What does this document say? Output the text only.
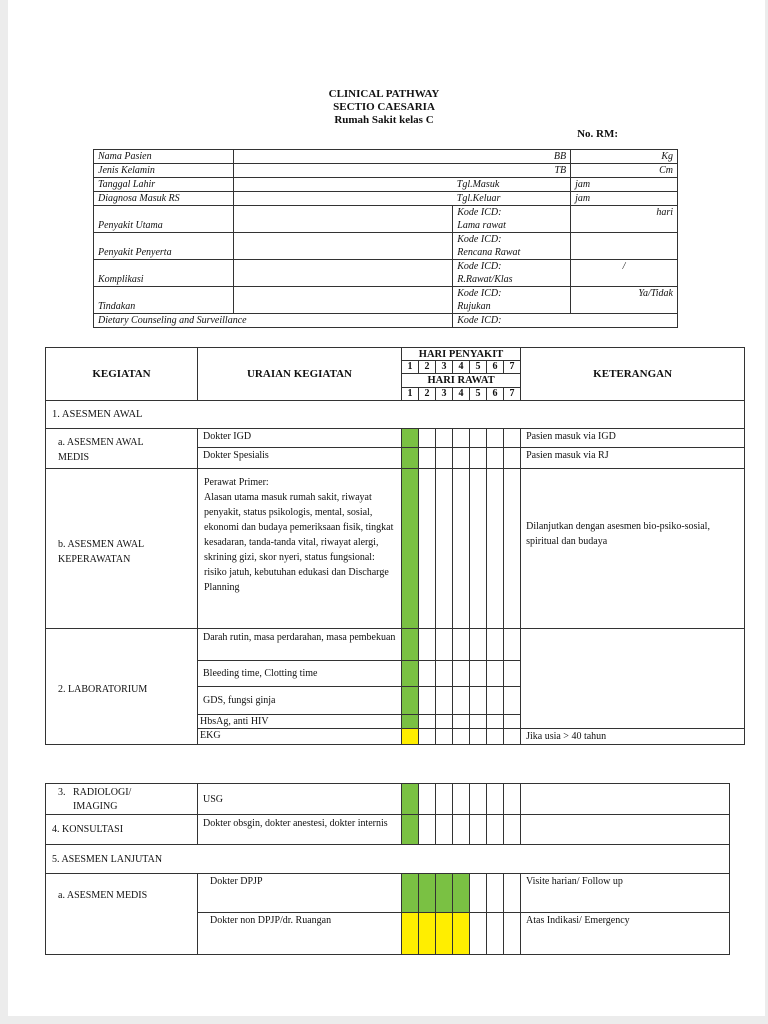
CLINICAL PATHWAY
SECTIO CAESARIA
Rumah Sakit kelas C
No. RM:
Nama Pasien	BB		Kg
Jenis Kelamin	TB		Cm
Tanggal Lahir		Tgl.Masuk	jam
Diagnosa Masuk RS		Tgl.Keluar	jam
Penyakit Utama		Kode ICD:	hari
		Lama rawat	
Penyakit Penyerta		Kode ICD:	
		Rencana Rawat	
Komplikasi		Kode ICD:	/
		R.Rawat/Klas	
Tindakan		Kode ICD:	Ya/Tidak
		Rujukan	
Dietary Counseling and Surveillance		Kode ICD:	
KEGIATAN	URAIAN KEGIATAN	HARI PENYAKIT							KETERANGAN
		1	2	3	4	5	6	7	
		HARI RAWAT							
		1	2	3	4	5	6	7	
1. ASESMEN AWAL									
a. ASESMEN AWAL
MEDIS	Dokter IGD								Pasien masuk via IGD
	Dokter Spesialis								Pasien masuk via RJ
b. ASESMEN AWAL
KEPERAWATAN	Perawat Primer:
Alasan utama masuk rumah sakit, riwayat penyakit, status psikologis, mental, sosial, ekonomi dan budaya pemeriksaan fisik, tingkat kesadaran, tanda-tanda vital, riwayat alergi, skrining gizi, skor nyeri, status fungsional: risiko jatuh, kebutuhan edukasi dan Discharge Planning								Dilanjutkan dengan asesmen bio-psiko-sosial, spiritual dan budaya
2. LABORATORIUM	Darah rutin, masa perdarahan, masa pembekuan								
	Bleeding time, Clotting time								
	GDS, fungsi ginja								
	HbsAg, anti HIV								
	EKG								Jika usia > 40 tahun
3.   RADIOLOGI/
IMAGING	USG								
4. KONSULTASI	Dokter obsgin, dokter anestesi, dokter internis								
5. ASESMEN LANJUTAN									
a. ASESMEN MEDIS	Dokter DPJP								Visite harian/ Follow up
	Dokter non DPJP/dr. Ruangan								Atas Indikasi/ Emergency
